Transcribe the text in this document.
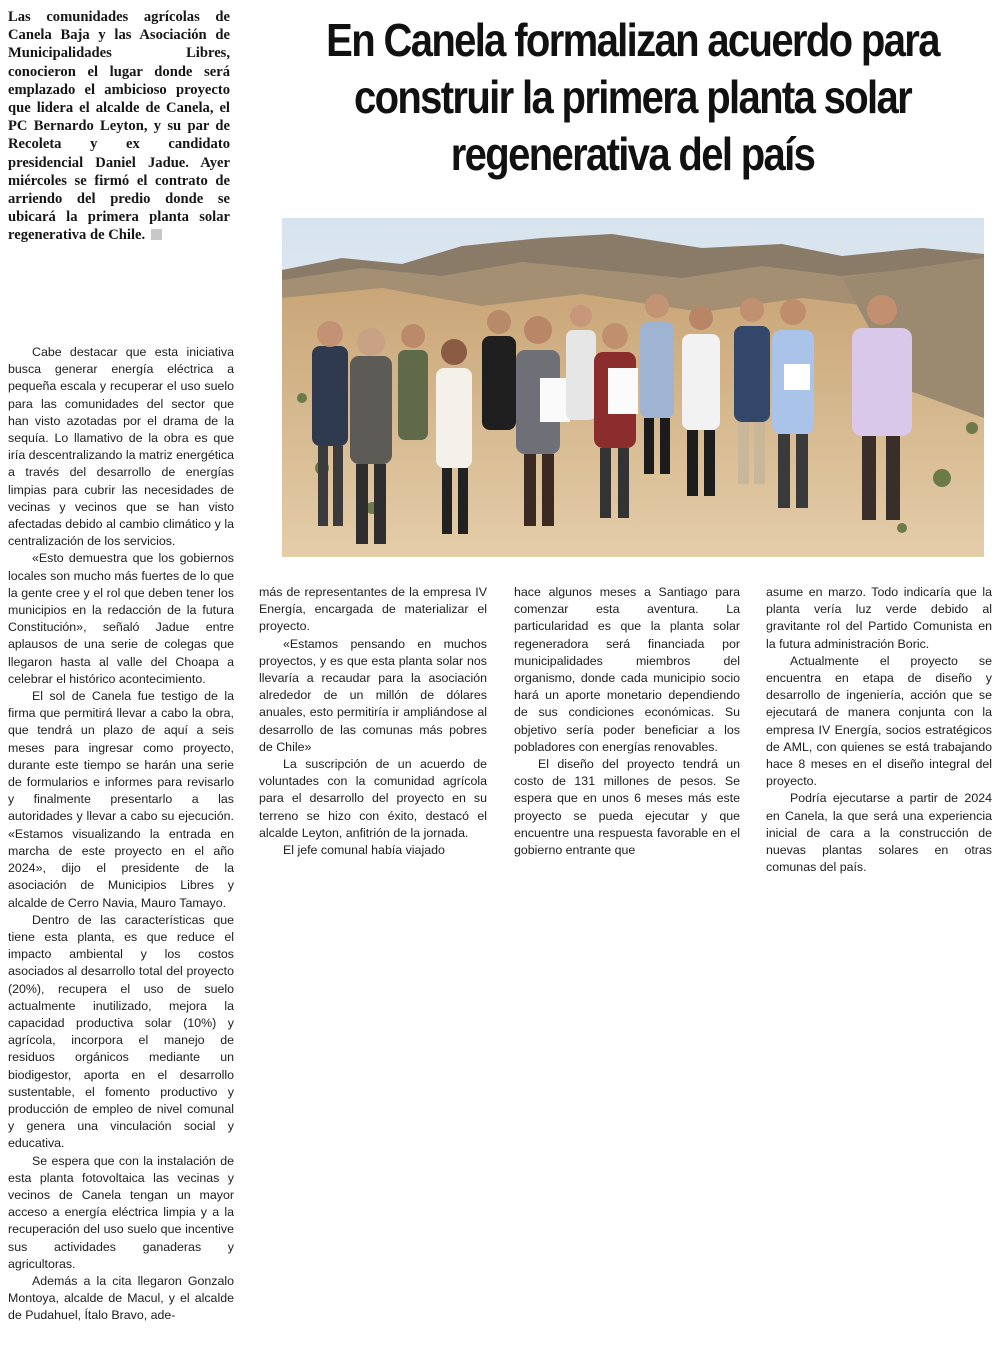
Las comunidades agrícolas de Canela Baja y las Asociación de Municipalidades Libres, conocieron el lugar donde será emplazado el ambicioso proyecto que lidera el alcalde de Canela, el PC Bernardo Leyton, y su par de Recoleta y ex candidato presidencial Daniel Jadue. Ayer miércoles se firmó el contrato de arriendo del predio donde se ubicará la primera planta solar regenerativa de Chile.
En Canela formalizan acuerdo para construir la primera planta solar regenerativa del país

Cabe destacar que esta iniciativa busca generar energía eléctrica a pequeña escala y recuperar el uso suelo para las comunidades del sector que han visto azotadas por el drama de la sequía. Lo llamativo de la obra es que iría descentralizando la matriz energética a través del desarrollo de energías limpias para cubrir las necesidades de vecinas y vecinos que se han visto afectadas debido al cambio climático y la centralización de los servicios.

«Esto demuestra que los gobiernos locales son mucho más fuertes de lo que la gente cree y el rol que deben tener los municipios en la redacción de la futura Constitución», señaló Jadue entre aplausos de una serie de colegas que llegaron hasta al valle del Choapa a celebrar el histórico acontecimiento.

El sol de Canela fue testigo de la firma que permitirá llevar a cabo la obra, que tendrá un plazo de aquí a seis meses para ingresar como proyecto, durante este tiempo se harán una serie de formularios e informes para revisarlo y finalmente presentarlo a las autoridades y llevar a cabo su ejecución. «Estamos visualizando la entrada en marcha de este proyecto en el año 2024», dijo el presidente de la asociación de Municipios Libres y alcalde de Cerro Navia, Mauro Tamayo.

Dentro de las características que tiene esta planta, es que reduce el impacto ambiental y los costos asociados al desarrollo total del proyecto (20%), recupera el uso de suelo actualmente inutilizado, mejora la capacidad productiva solar (10%) y agrícola, incorpora el manejo de residuos orgánicos mediante un biodigestor, aporta en el desarrollo sustentable, el fomento productivo y producción de empleo de nivel comunal y genera una vinculación social y educativa.

Se espera que con la instalación de esta planta fotovoltaica las vecinas y vecinos de Canela tengan un mayor acceso a energía eléctrica limpia y a la recuperación del uso suelo que incentive sus actividades ganaderas y agricultoras.

Además a la cita llegaron Gonzalo Montoya, alcalde de Macul, y el alcalde de Pudahuel, Ítalo Bravo, ade-

más de representantes de la empresa IV Energía, encargada de materializar el proyecto.

«Estamos pensando en muchos proyectos, y es que esta planta solar nos llevaría a recaudar para la asociación alrededor de un millón de dólares anuales, esto permitiría ir ampliándose al desarrollo de las comunas más pobres de Chile»

La suscripción de un acuerdo de voluntades con la comunidad agrícola para el desarrollo del proyecto en su terreno se hizo con éxito, destacó el alcalde Leyton, anfitrión de la jornada.

El jefe comunal había viajado

hace algunos meses a Santiago para comenzar esta aventura. La particularidad es que la planta solar regeneradora será financiada por municipalidades miembros del organismo, donde cada municipio socio hará un aporte monetario dependiendo de sus condiciones económicas. Su objetivo sería poder beneficiar a los pobladores con energías renovables.

El diseño del proyecto tendrá un costo de 131 millones de pesos. Se espera que en unos 6 meses más este proyecto se pueda ejecutar y que encuentre una respuesta favorable en el gobierno entrante que

asume en marzo. Todo indicaría que la planta vería luz verde debido al gravitante rol del Partido Comunista en la futura administración Boric.

Actualmente el proyecto se encuentra en etapa de diseño y desarrollo de ingeniería, acción que se ejecutará de manera conjunta con la empresa IV Energía, socios estratégicos de AML, con quienes se está trabajando hace 8 meses en el diseño integral del proyecto.

Podría ejecutarse a partir de 2024 en Canela, la que será una experiencia inicial de cara a la construcción de nuevas plantas solares en otras comunas del país.
